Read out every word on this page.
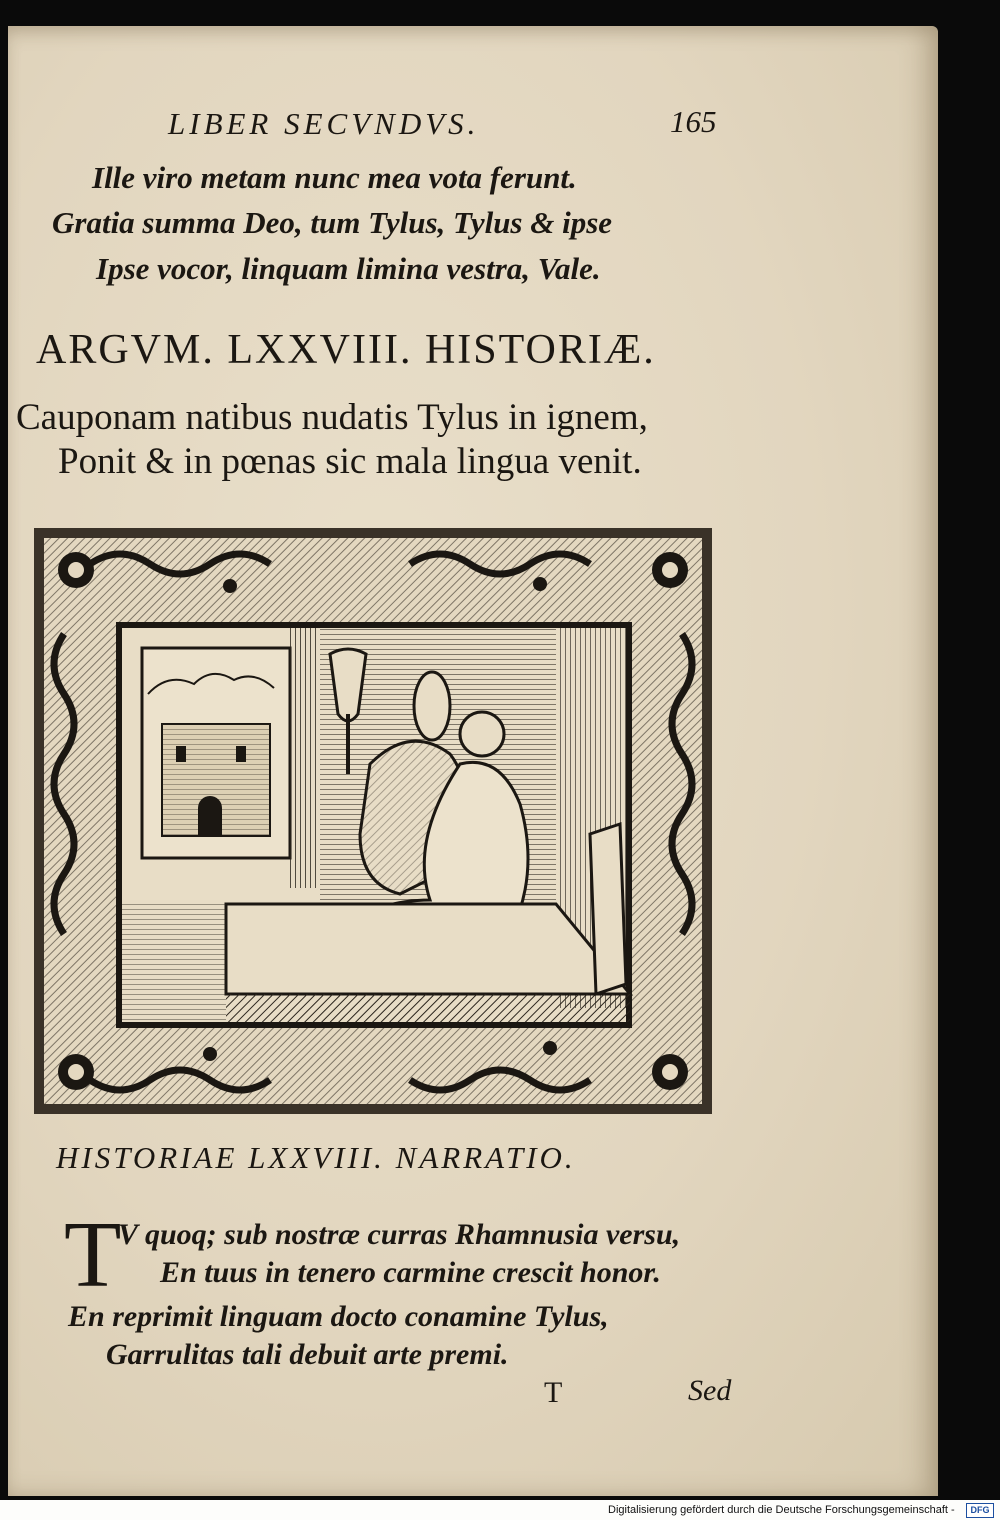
LIBER SECVNDVS.	165

Ille viro metam nunc mea vota ferunt.

Gratia summa Deo, tum Tylus, Tylus & ipse

Ipse vocor, linquam limina vestra, Vale.

ARGVM. LXXVIII. HISTORIÆ.

Cauponam natibus nudatis Tylus in ignem,

Ponit & in pœnas sic mala lingua venit.

HISTORIAE LXXVIII. NARRATIO.

T

V quoq; sub nostræ curras Rhamnusia versu,

En tuus in tenero carmine crescit honor.

En reprimit linguam docto conamine Tylus,

Garrulitas tali debuit arte premi.

T	Sed

Digitalisierung gefördert durch die Deutsche Forschungsgemeinschaft -	DFG
